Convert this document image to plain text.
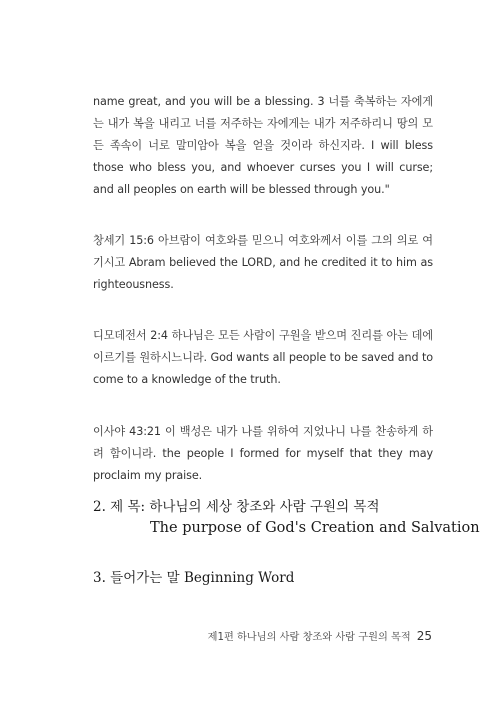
name great, and you will be a blessing. 3 너를 축복하는 자에게는 내가 복을 내리고 너를 저주하는 자에게는 내가 저주하리니 땅의 모든 족속이 너로 말미암아 복을 얻을 것이라 하신지라. I will bless those who bless you, and whoever curses you I will curse; and all peoples on earth will be blessed through you."
창세기 15:6 아브람이 여호와를 믿으니 여호와께서 이를 그의 의로 여기시고 Abram believed the LORD, and he credited it to him as righteousness.
디모데전서 2:4 하나님은 모든 사람이 구원을 받으며 진리를 아는 데에 이르기를 원하시느니라. God wants all people to be saved and to come to a knowledge of the truth.
이사야 43:21 이 백성은 내가 나를 위하여 지었나니 나를 찬송하게 하려 함이니라. the people I formed for myself that they may proclaim my praise.
2. 제 목: 하나님의 세상 창조와 사람 구원의 목적
The purpose of God's Creation and Salvation
3. 들어가는 말 Beginning Word
제1편 하나님의 사람 창조와 사람 구원의 목적 25
